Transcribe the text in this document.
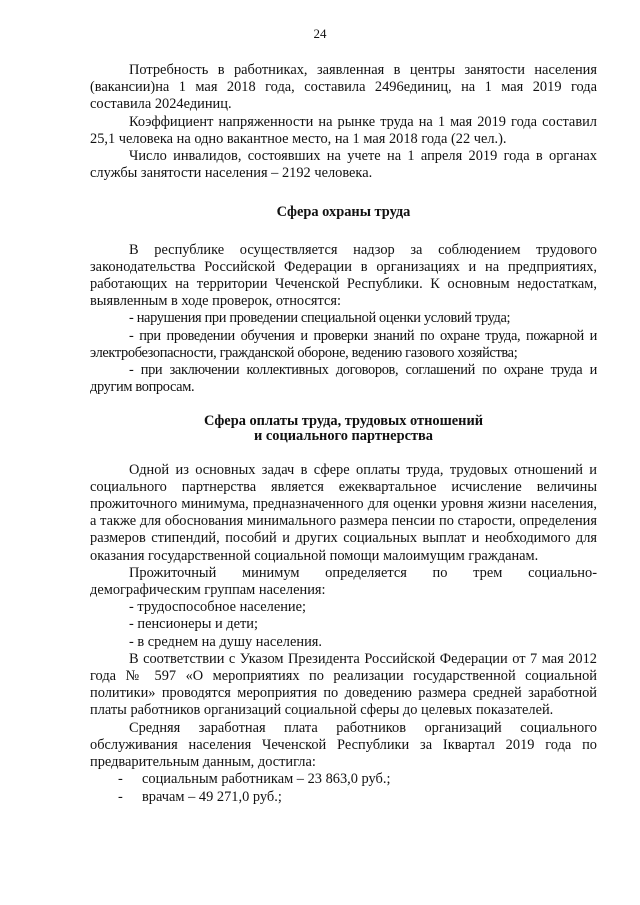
24

Потребность в работниках, заявленная в центры занятости населения (вакансии)на 1 мая 2018 года, составила 2496единиц, на 1 мая 2019 года составила 2024единиц.

Коэффициент напряженности на рынке труда на 1 мая 2019 года составил 25,1 человека на одно вакантное место, на 1 мая 2018 года (22 чел.).

Число инвалидов, состоявших на учете на 1 апреля 2019 года в органах службы занятости населения – 2192 человека.

Сфера охраны труда

В республике осуществляется надзор за соблюдением трудового законодательства Российской Федерации в организациях и на предприятиях, работающих на территории Чеченской Республики. К основным недостаткам, выявленным в ходе проверок, относятся:

- нарушения при проведении специальной оценки условий труда;

- при проведении обучения и проверки знаний по охране труда, пожарной и электробезопасности, гражданской обороне, ведению газового хозяйства;

- при заключении коллективных договоров, соглашений по охране труда и другим вопросам.

Сфера оплаты труда, трудовых отношений
и социального партнерства

Одной из основных задач в сфере оплаты труда, трудовых отношений и социального партнерства является ежеквартальное исчисление величины прожиточного минимума, предназначенного для оценки уровня жизни населения, а также для обоснования минимального размера пенсии по старости, определения размеров стипендий, пособий и других социальных выплат и необходимого для оказания государственной социальной помощи малоимущим гражданам.

Прожиточный минимум определяется по трем социально-демографическим группам населения:

- трудоспособное население;

- пенсионеры и дети;

- в среднем на душу населения.

В соответствии с Указом Президента Российской Федерации от 7 мая 2012 года № 597 «О мероприятиях по реализации государственной социальной политики» проводятся мероприятия по доведению размера средней заработной платы работников организаций социальной сферы до целевых показателей.

Средняя заработная плата работников организаций социального обслуживания населения Чеченской Республики за Iквартал 2019 года по предварительным данным, достигла:

-	социальным работникам – 23 863,0 руб.;
-	врачам – 49 271,0 руб.;
